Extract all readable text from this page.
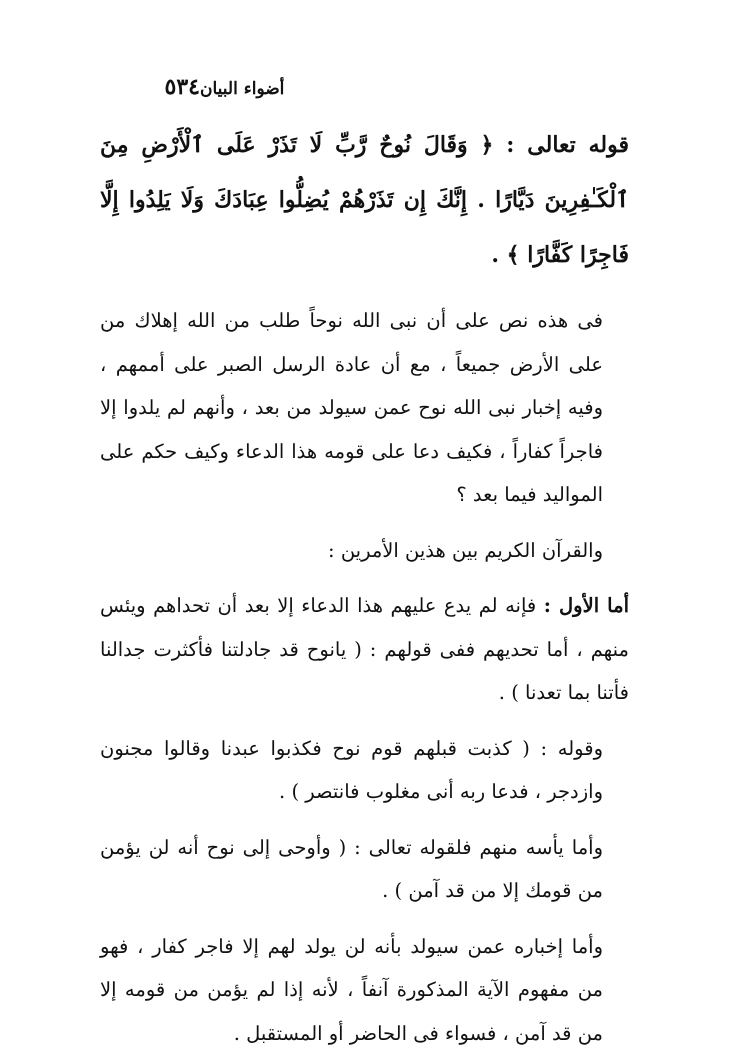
٥٣٤ أضواء البيان

قوله تعالى : ﴿ وَقَالَ نُوحٌ رَّبِّ لَا تَذَرْ عَلَى ٱلْأَرْضِ مِنَ ٱلْكَـٰفِرِينَ دَيَّارًا . إِنَّكَ إِن تَذَرْهُمْ يُضِلُّوا عِبَادَكَ وَلَا يَلِدُوا إِلَّا فَاجِرًا كَفَّارًا ﴾ .

فى هذه نص على أن نبى الله نوحاً طلب من الله إهلاك من على الأرض جميعاً ، مع أن عادة الرسل الصبر على أممهم ، وفيه إخبار نبى الله نوح عمن سيولد من بعد ، وأنهم لم يلدوا إلا فاجراً كفاراً ، فكيف دعا على قومه هذا الدعاء وكيف حكم على المواليد فيما بعد ؟

والقرآن الكريم بين هذين الأمرين :

أما الأول : فإنه لم يدع عليهم هذا الدعاء إلا بعد أن تحداهم ويئس منهم ، أما تحديهم ففى قولهم : ( يانوح قد جادلتنا فأكثرت جدالنا فأتنا بما تعدنا ) .

وقوله : ( كذبت قبلهم قوم نوح فكذبوا عبدنا وقالوا مجنون وازدجر ، فدعا ربه أنى مغلوب فانتصر ) .

وأما يأسه منهم فلقوله تعالى : ( وأوحى إلى نوح أنه لن يؤمن من قومك إلا من قد آمن ) .

وأما إخباره عمن سيولد بأنه لن يولد لهم إلا فاجر كفار ، فهو من مفهوم الآية المذكورة آنفاً ، لأنه إذا لم يؤمن من قومه إلا من قد آمن ، فسواء فى الحاضر أو المستقبل .
